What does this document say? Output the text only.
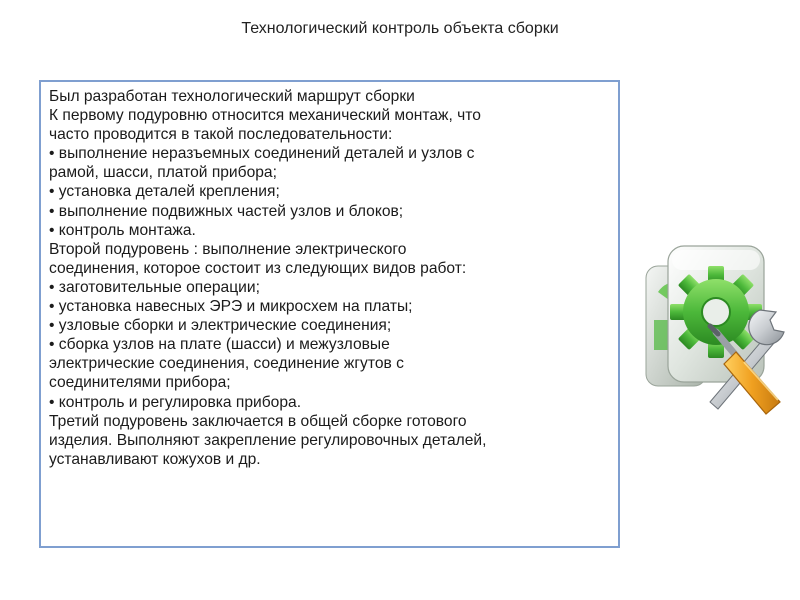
Технологический контроль объекта сборки
Был разработан технологический маршрут сборки
К первому подуровню относится механический монтаж, что
часто проводится в такой последовательности:
• выполнение неразъемных соединений деталей и узлов с
рамой, шасси, платой прибора;
• установка деталей крепления;
• выполнение подвижных частей узлов и блоков;
• контроль монтажа.
Второй подуровень : выполнение электрического
соединения, которое состоит из следующих видов работ:
• заготовительные операции;
• установка навесных ЭРЭ и микросхем на платы;
• узловые сборки и электрические соединения;
• сборка узлов на плате (шасси) и межузловые
электрические соединения, соединение жгутов с
соединителями прибора;
• контроль и регулировка прибора.
Третий подуровень заключается в общей сборке готового
изделия. Выполняют закрепление регулировочных деталей,
устанавливают кожухов и др.
